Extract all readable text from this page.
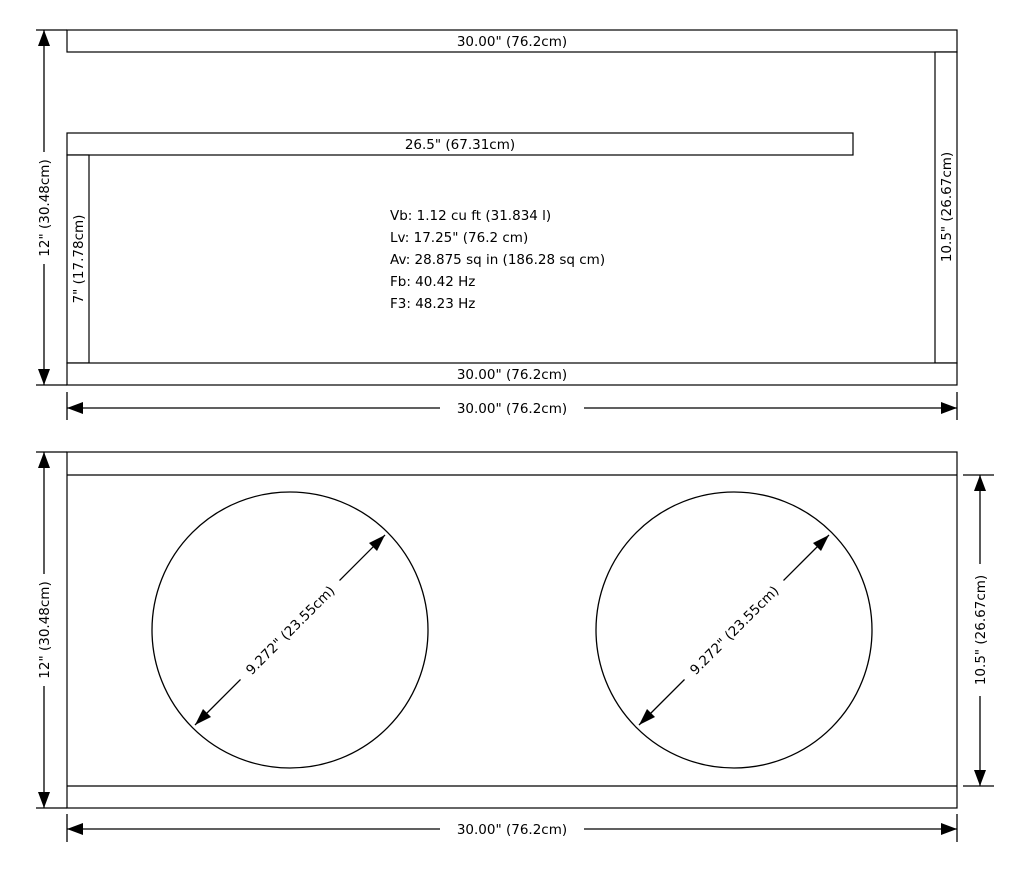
30.00" (76.2cm)
10.5" (26.67cm)
26.5" (67.31cm)
7" (17.78cm)
30.00" (76.2cm)
Vb: 1.12 cu ft (31.834 l)
Lv: 17.25" (76.2 cm)
Av: 28.875 sq in (186.28 sq cm)
Fb: 40.42 Hz
F3: 48.23 Hz
12" (30.48cm)
30.00" (76.2cm)
9.272" (23.55cm)	9.272" (23.55cm)
12" (30.48cm)	10.5" (26.67cm)
30.00" (76.2cm)
